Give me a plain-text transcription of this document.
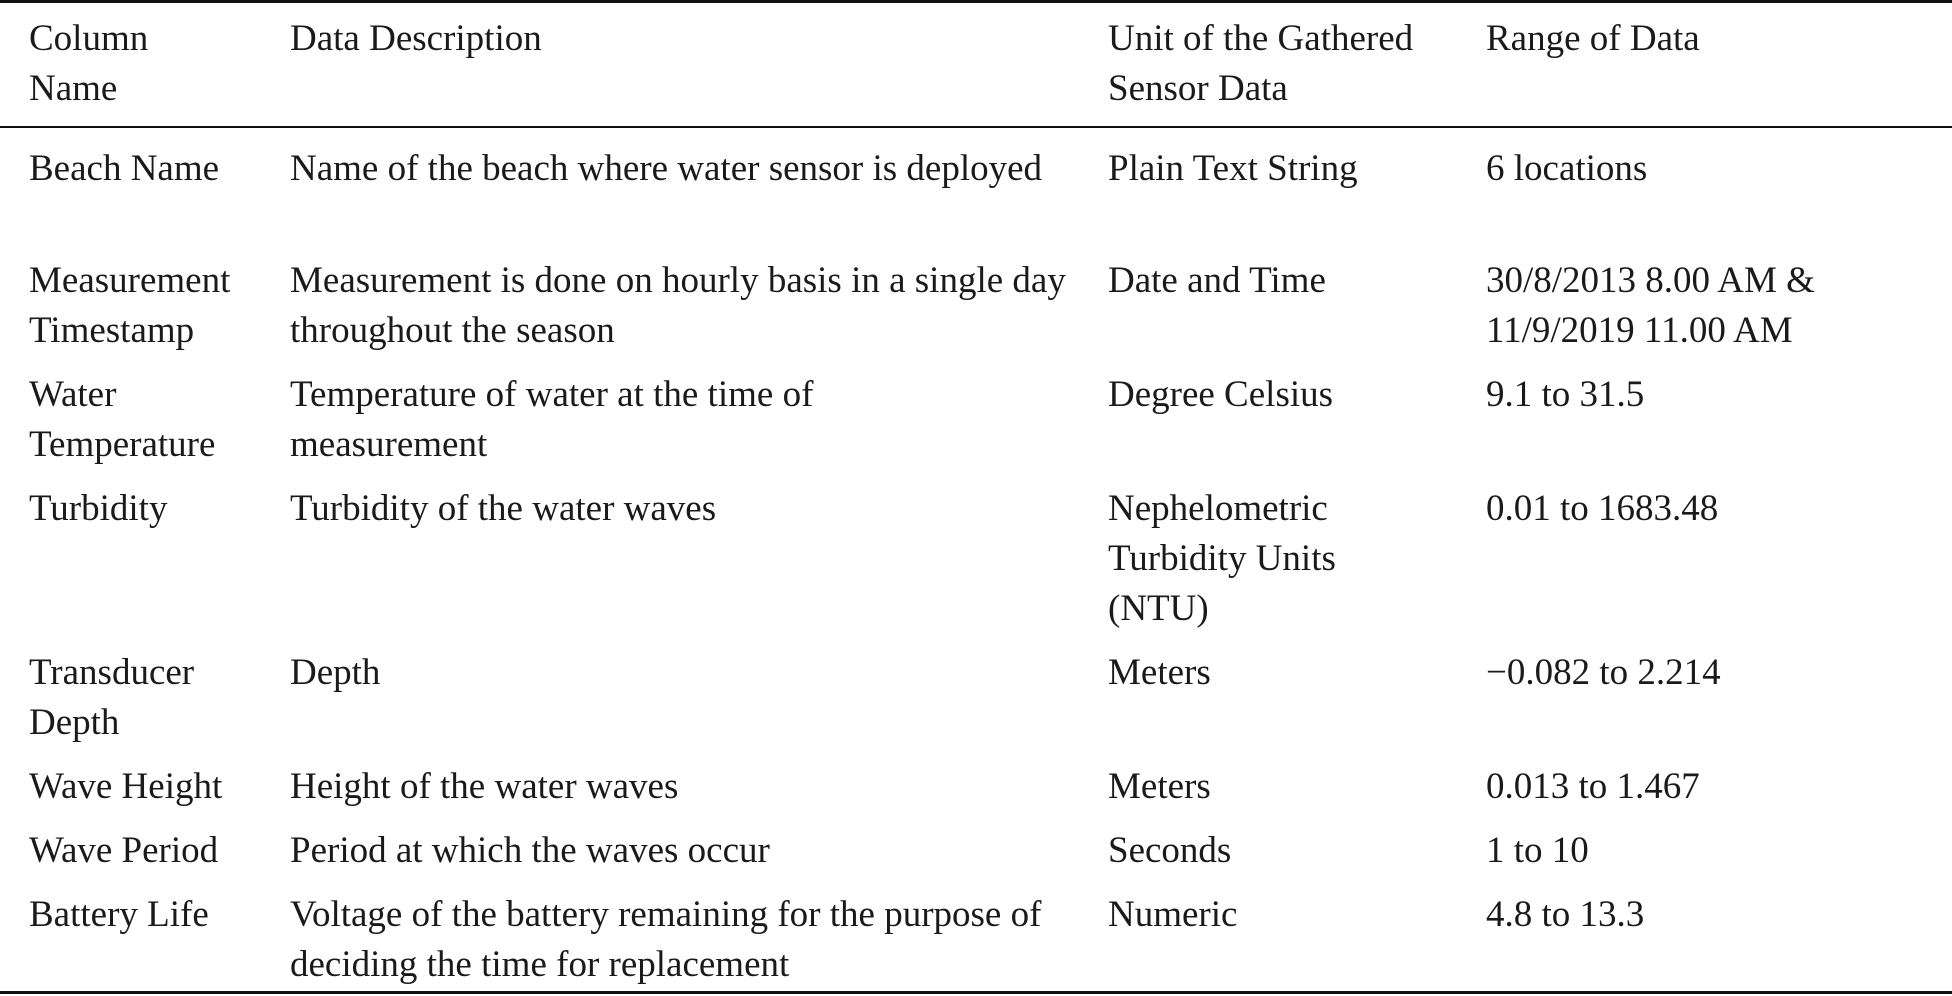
Column Name	Data Description	Unit of the Gathered Sensor Data	Range of Data
Beach Name	Name of the beach where water sensor is deployed	Plain Text String	6 locations
Measurement Timestamp	Measurement is done on hourly basis in a single day throughout the season	Date and Time	30/8/2013 8.00 AM & 11/9/2019 11.00 AM
Water Temperature	Temperature of water at the time of measurement	Degree Celsius	9.1 to 31.5
Turbidity	Turbidity of the water waves	Nephelometric Turbidity Units (NTU)	0.01 to 1683.48
Transducer Depth	Depth	Meters	−0.082 to 2.214
Wave Height	Height of the water waves	Meters	0.013 to 1.467
Wave Period	Period at which the waves occur	Seconds	1 to 10
Battery Life	Voltage of the battery remaining for the purpose of deciding the time for replacement	Numeric	4.8 to 13.3
